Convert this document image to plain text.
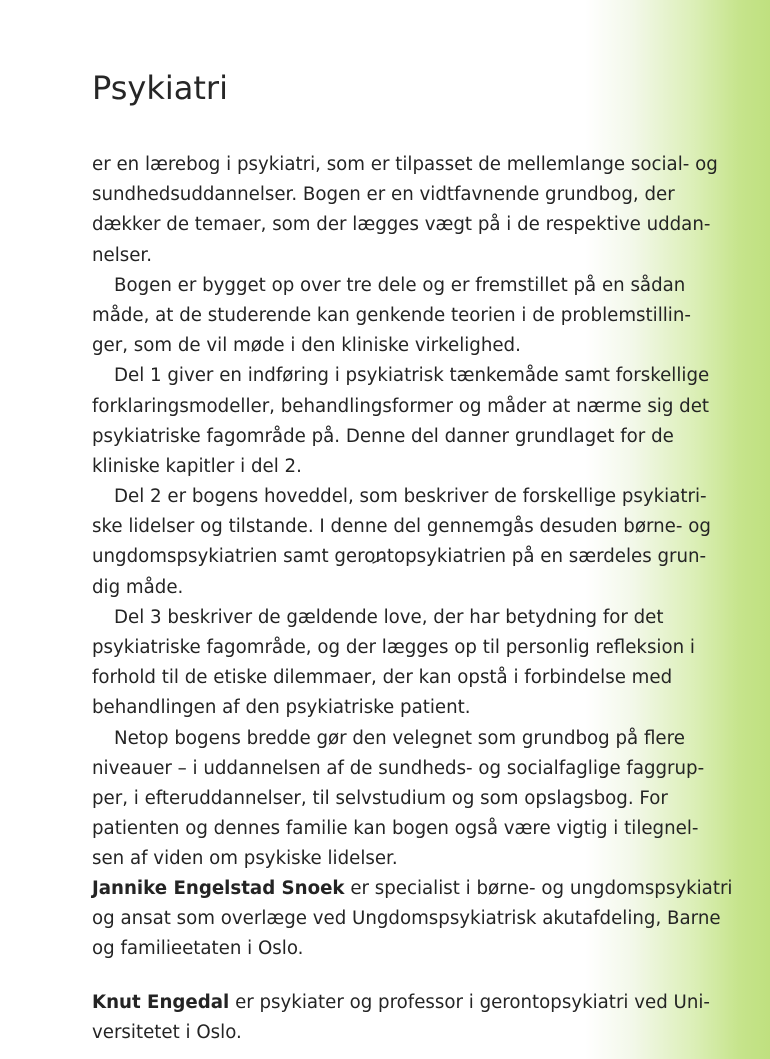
Psykiatri
er en lærebog i psykiatri, som er tilpasset de mellemlange social- og
sundhedsuddannelser. Bogen er en vidtfavnende grundbog, der
dækker de temaer, som der lægges vægt på i de respektive uddan-
nelser.
Bogen er bygget op over tre dele og er fremstillet på en sådan
måde, at de studerende kan genkende teorien i de problemstillin-
ger, som de vil møde i den kliniske virkelighed.
Del 1 giver en indføring i psykiatrisk tænkemåde samt forskellige
forklaringsmodeller, behandlingsformer og måder at nærme sig det
psykiatriske fagområde på. Denne del danner grundlaget for de
kliniske kapitler i del 2.
Del 2 er bogens hoveddel, som beskriver de forskellige psykiatri-
ske lidelser og tilstande. I denne del gennemgås desuden børne- og
ungdomspsykiatrien samt gerontopsykiatrien på en særdeles grun-
dig måde.
Del 3 beskriver de gældende love, der har betydning for det
psykiatriske fagområde, og der lægges op til personlig refleksion i
forhold til de etiske dilemmaer, der kan opstå i forbindelse med
behandlingen af den psykiatriske patient.
Netop bogens bredde gør den velegnet som grundbog på flere
niveauer – i uddannelsen af de sundheds- og socialfaglige faggrup-
per, i efteruddannelser, til selvstudium og som opslagsbog. For
patienten og dennes familie kan bogen også være vigtig i tilegnel-
sen af viden om psykiske lidelser.
Jannike Engelstad Snoek er specialist i børne- og ungdomspsykiatri
og ansat som overlæge ved Ungdomspsykiatrisk akutafdeling, Barne
og familieetaten i Oslo.
Knut Engedal er psykiater og professor i gerontopsykiatri ved Uni-
versitetet i Oslo.
